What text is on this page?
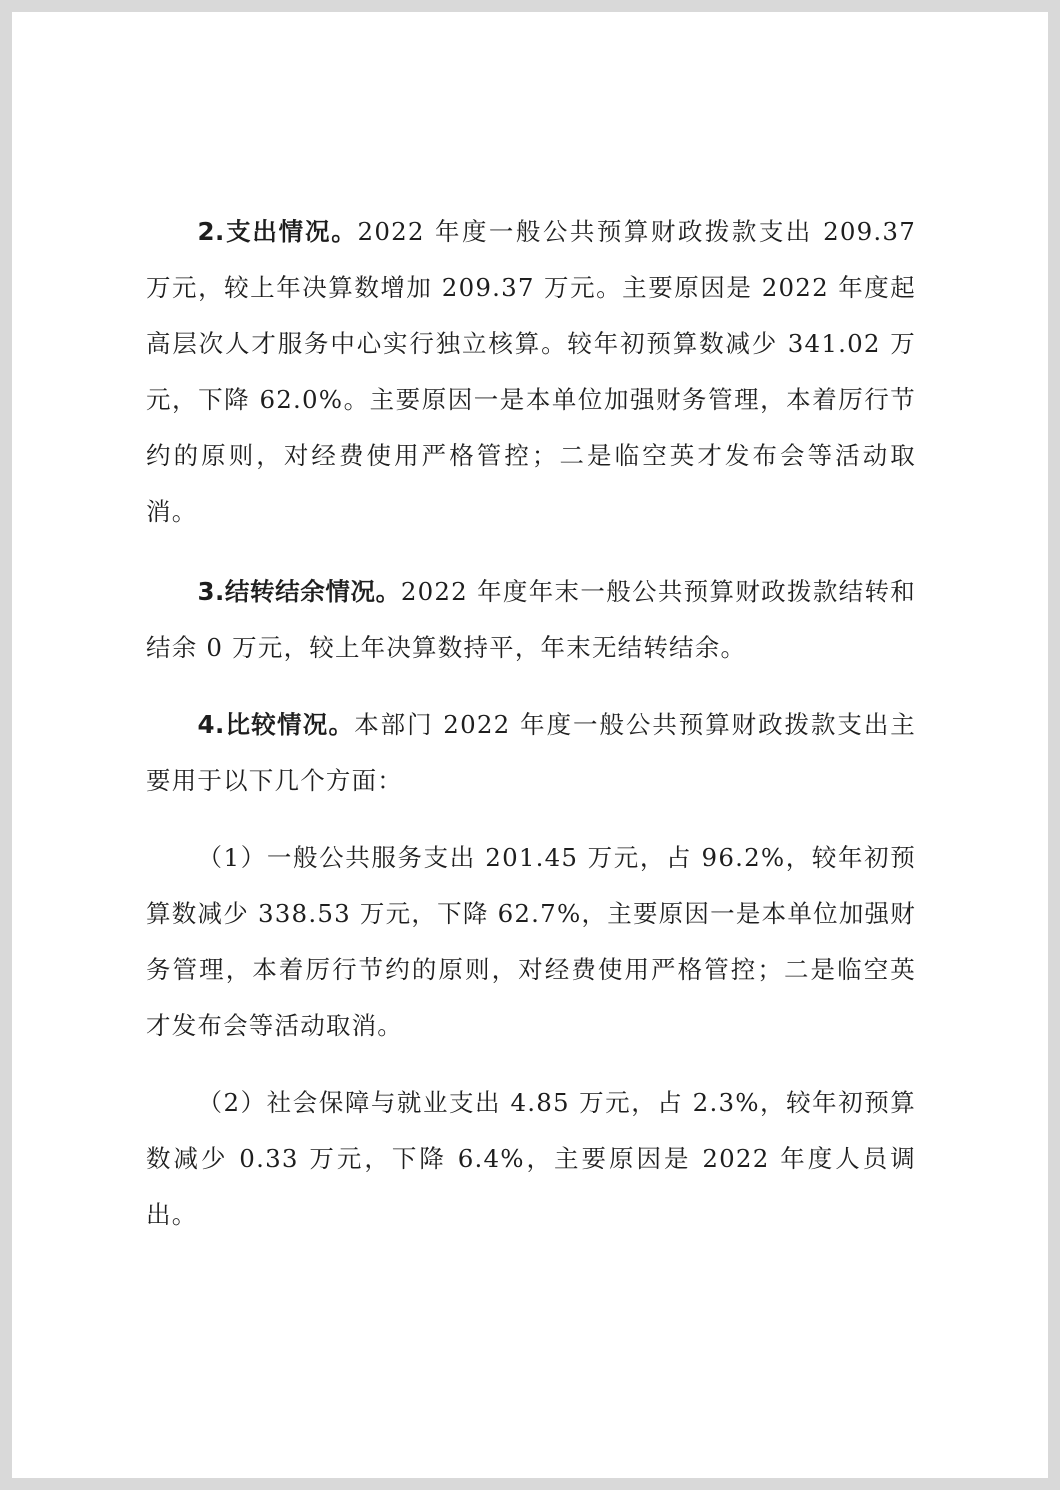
2.支出情况。2022 年度一般公共预算财政拨款支出 209.37 万元，较上年决算数增加 209.37 万元。主要原因是 2022 年度起高层次人才服务中心实行独立核算。较年初预算数减少 341.02 万元，下降 62.0%。主要原因一是本单位加强财务管理，本着厉行节约的原则，对经费使用严格管控；二是临空英才发布会等活动取消。

3.结转结余情况。2022 年度年末一般公共预算财政拨款结转和结余 0 万元，较上年决算数持平，年末无结转结余。

4.比较情况。本部门 2022 年度一般公共预算财政拨款支出主要用于以下几个方面：

（1）一般公共服务支出 201.45 万元，占 96.2%，较年初预算数减少 338.53 万元，下降 62.7%，主要原因一是本单位加强财务管理，本着厉行节约的原则，对经费使用严格管控；二是临空英才发布会等活动取消。

（2）社会保障与就业支出 4.85 万元，占 2.3%，较年初预算数减少 0.33 万元，下降 6.4%，主要原因是 2022 年度人员调出。
